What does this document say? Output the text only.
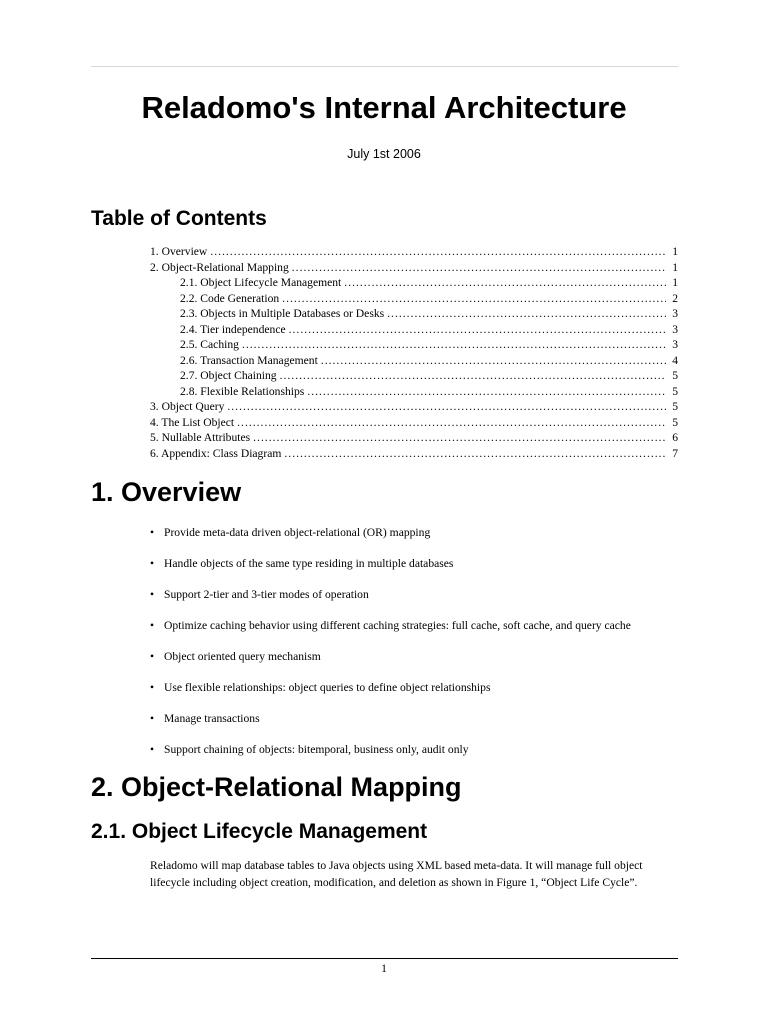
Reladomo's Internal Architecture
July 1st 2006
Table of Contents
1. Overview .....	1
2. Object-Relational Mapping .....	1
2.1. Object Lifecycle Management .....	1
2.2. Code Generation .....	2
2.3. Objects in Multiple Databases or Desks .....	3
2.4. Tier independence .....	3
2.5. Caching .....	3
2.6. Transaction Management .....	4
2.7. Object Chaining .....	5
2.8. Flexible Relationships .....	5
3. Object Query .....	5
4. The List Object .....	5
5. Nullable Attributes .....	6
6. Appendix: Class Diagram .....	7
1. Overview
• Provide meta-data driven object-relational (OR) mapping
• Handle objects of the same type residing in multiple databases
• Support 2-tier and 3-tier modes of operation
• Optimize caching behavior using different caching strategies: full cache, soft cache, and query cache
• Object oriented query mechanism
• Use flexible relationships: object queries to define object relationships
• Manage transactions
• Support chaining of objects: bitemporal, business only, audit only
2. Object-Relational Mapping
2.1. Object Lifecycle Management

Reladomo will map database tables to Java objects using XML based meta-data. It will manage full object lifecycle including object creation, modification, and deletion as shown in Figure 1, “Object Life Cycle”.

1
